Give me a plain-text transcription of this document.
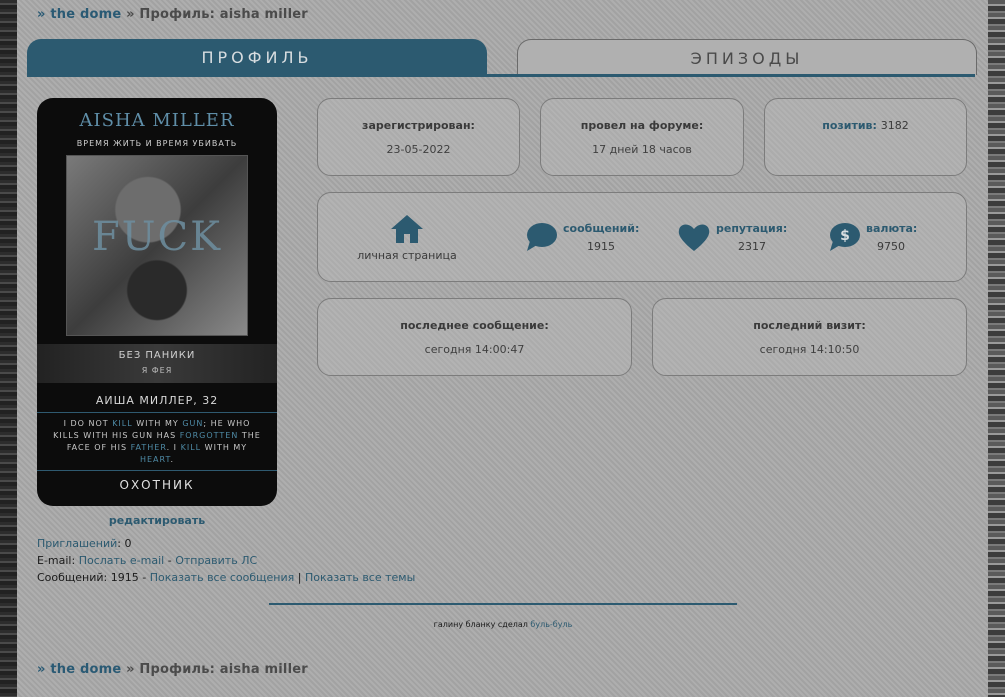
» the dome » Профиль: aisha miller
ПРОФИЛЬ	ЭПИЗОДЫ
AISHA MILLER
ВРЕМЯ ЖИТЬ И ВРЕМЯ УБИВАТЬ
FUCK
БЕЗ ПАНИКИ
Я ФЕЯ
АИША МИЛЛЕР, 32
I DO NOT KILL WITH MY GUN; HE WHO KILLS WITH HIS GUN HAS FORGOTTEN THE FACE OF HIS FATHER. I KILL WITH MY HEART.
ОХОТНИК
редактировать
Приглашений: 0
E-mail: Послать e-mail - Отправить ЛС
Сообщений: 1915 - Показать все сообщения | Показать все темы
зарегистрирован:
23-05-2022
провел на форуме:
17 дней 18 часов
позитив: 3182
личная страница
сообщений:
1915
репутация:
2317
$ валюта:
9750
последнее сообщение:
сегодня 14:00:47
последний визит:
сегодня 14:10:50
галину бланку сделал буль-буль
» the dome » Профиль: aisha miller
